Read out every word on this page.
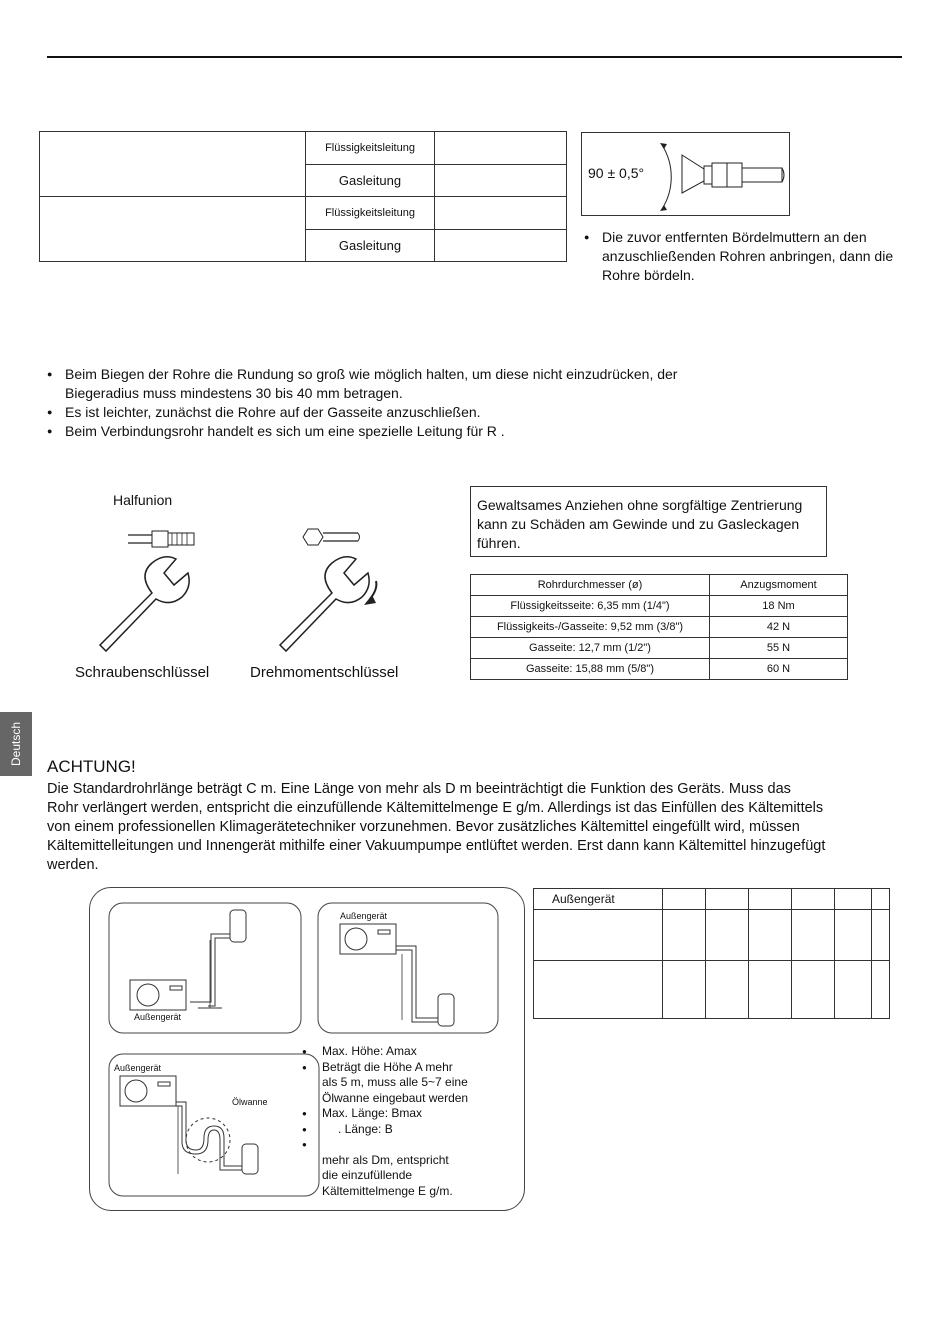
	Flüssigkeitsleitung	
	Gasleitung	
	Flüssigkeitsleitung	
	Gasleitung	
90 ± 0,5°
● Die zuvor entfernten Bördelmuttern an den anzuschließenden Rohren anbringen, dann die Rohre bördeln.
● Beim Biegen der Rohre die Rundung so groß wie möglich halten, um diese nicht einzudrücken, der Biegeradius muss mindestens 30 bis 40 mm betragen.
● Es ist leichter, zunächst die Rohre auf der Gasseite anzuschließen.
● Beim Verbindungsrohr handelt es sich um eine spezielle Leitung für R .
Halfunion
Schraubenschlüssel	Drehmomentschlüssel
Gewaltsames Anziehen ohne sorgfältige Zentrierung kann zu Schäden am Gewinde und zu Gasleckagen führen.
Rohrdurchmesser (ø)	Anzugsmoment
Flüssigkeitsseite: 6,35 mm (1/4")	18 Nm
Flüssigkeits-/Gasseite: 9,52 mm (3/8")	42 N
Gasseite: 12,7 mm (1/2")	55 N
Gasseite: 15,88 mm (5/8")	60 N
Deutsch
ACHTUNG!
Die Standardrohrlänge beträgt C m. Eine Länge von mehr als D m beeinträchtigt die Funktion des Geräts. Muss das
Rohr verlängert werden, entspricht die einzufüllende Kältemittelmenge E g/m. Allerdings ist das Einfüllen des Kältemittels
von einem professionellen Klimagerätetechniker vorzunehmen. Bevor zusätzliches Kältemittel eingefüllt wird, müssen
Kältemittelleitungen und Innengerät mithilfe einer Vakuumpumpe entlüftet werden. Erst dann kann Kältemittel hinzugefügt
werden.
Außengerät
Außengerät
Außengerät
Ölwanne
● Max. Höhe: Amax
● Beträgt die Höhe A mehr
als 5 m, muss alle 5~7 eine
Ölwanne eingebaut werden
● Max. Länge: Bmax
●	. Länge: B
●
mehr als Dm, entspricht
die einzufüllende
Kältemittelmenge E g/m.
Außengerät						
